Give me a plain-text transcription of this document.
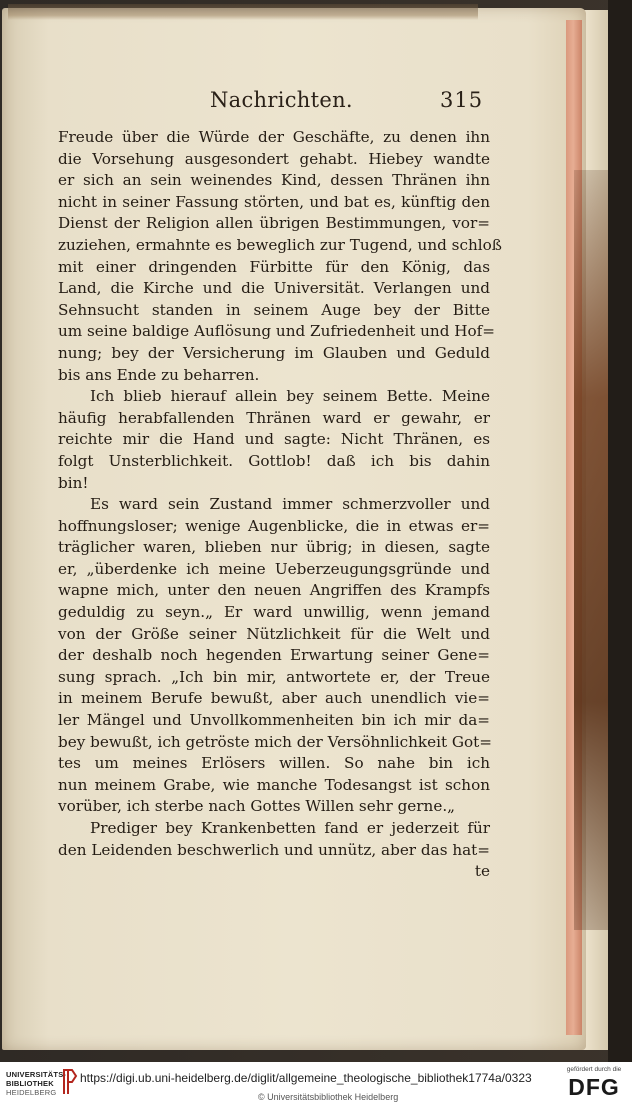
Nachrichten.	315
Freude über die Würde der Geschäfte, zu denen ihn
die Vorsehung ausgesondert gehabt. Hiebey wandte
er sich an sein weinendes Kind, dessen Thränen ihn
nicht in seiner Fassung störten, und bat es, künftig den
Dienst der Religion allen übrigen Bestimmungen, vor=
zuziehen, ermahnte es beweglich zur Tugend, und schloß
mit einer dringenden Fürbitte für den König, das
Land, die Kirche und die Universität. Verlangen und
Sehnsucht standen in seinem Auge bey der Bitte
um seine baldige Auflösung und Zufriedenheit und Hof=
nung; bey der Versicherung im Glauben und Geduld
bis ans Ende zu beharren.
Ich blieb hierauf allein bey seinem Bette. Meine
häufig herabfallenden Thränen ward er gewahr, er
reichte mir die Hand und sagte: Nicht Thränen, es
folgt Unsterblichkeit. Gottlob! daß ich bis dahin
bin!
Es ward sein Zustand immer schmerzvoller und
hoffnungsloser; wenige Augenblicke, die in etwas er=
träglicher waren, blieben nur übrig; in diesen, sagte
er, „überdenke ich meine Ueberzeugungsgründe und
wapne mich, unter den neuen Angriffen des Krampfs
geduldig zu seyn.„ Er ward unwillig, wenn jemand
von der Größe seiner Nützlichkeit für die Welt und
der deshalb noch hegenden Erwartung seiner Gene=
sung sprach. „Ich bin mir, antwortete er, der Treue
in meinem Berufe bewußt, aber auch unendlich vie=
ler Mängel und Unvollkommenheiten bin ich mir da=
bey bewußt, ich getröste mich der Versöhnlichkeit Got=
tes um meines Erlösers willen. So nahe bin ich
nun meinem Grabe, wie manche Todesangst ist schon
vorüber, ich sterbe nach Gottes Willen sehr gerne.„
Prediger bey Krankenbetten fand er jederzeit für
den Leidenden beschwerlich und unnütz, aber das hat=
te
UNIVERSITÄTS-
BIBLIOTHEK
HEIDELBERG
https://digi.ub.uni-heidelberg.de/diglit/allgemeine_theologische_bibliothek1774a/0323
© Universitätsbibliothek Heidelberg
gefördert durch die
DFG
